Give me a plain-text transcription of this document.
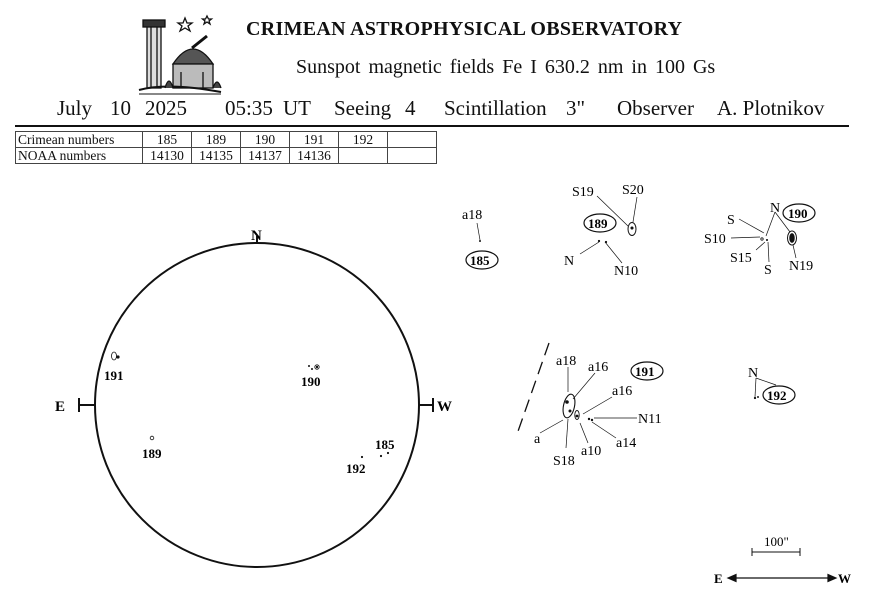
CRIMEAN ASTROPHYSICAL OBSERVATORY
Sunspot magnetic fields Fe I 630.2 nm in 100 Gs
July 10 2025 05:35 UT Seeing 4 Scintillation 3" Observer A. Plotnikov
Crimean numbers	185	189	190	191	192	
NOAA numbers	14130	14135	14137	14136		
N
E	W
191	190
189
185
192
a18
185
S19 S20
189
N
N10
N 190
S
S10
S15
S N19
a18 a16 191
a16
N11
a
S18
a10
a14
N
192
100"
E	W
